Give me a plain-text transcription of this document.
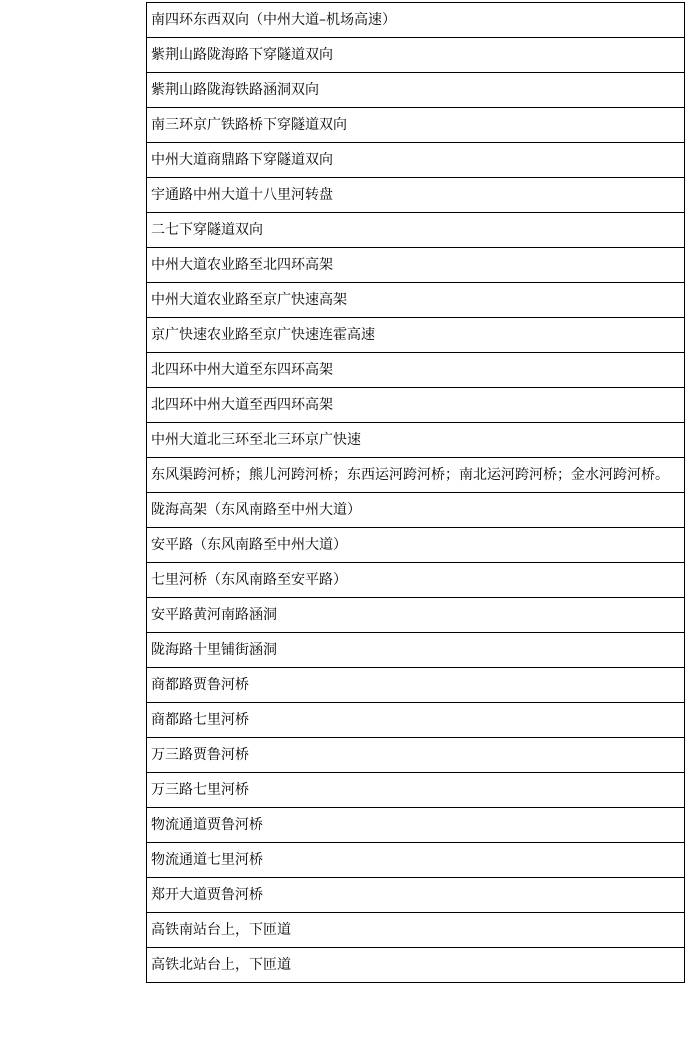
南四环东西双向（中州大道–机场高速）
紫荆山路陇海路下穿隧道双向
紫荆山路陇海铁路涵洞双向
南三环京广铁路桥下穿隧道双向
中州大道商鼎路下穿隧道双向
宇通路中州大道十八里河转盘
二七下穿隧道双向
中州大道农业路至北四环高架
中州大道农业路至京广快速高架
京广快速农业路至京广快速连霍高速
北四环中州大道至东四环高架
北四环中州大道至西四环高架
中州大道北三环至北三环京广快速
东风渠跨河桥；熊儿河跨河桥；东西运河跨河桥；南北运河跨河桥；金水河跨河桥。
陇海高架（东风南路至中州大道）
安平路（东风南路至中州大道）
七里河桥（东风南路至安平路）
安平路黄河南路涵洞
陇海路十里铺街涵洞
商都路贾鲁河桥
商都路七里河桥
万三路贾鲁河桥
万三路七里河桥
物流通道贾鲁河桥
物流通道七里河桥
郑开大道贾鲁河桥
高铁南站台上，下匝道
高铁北站台上，下匝道
